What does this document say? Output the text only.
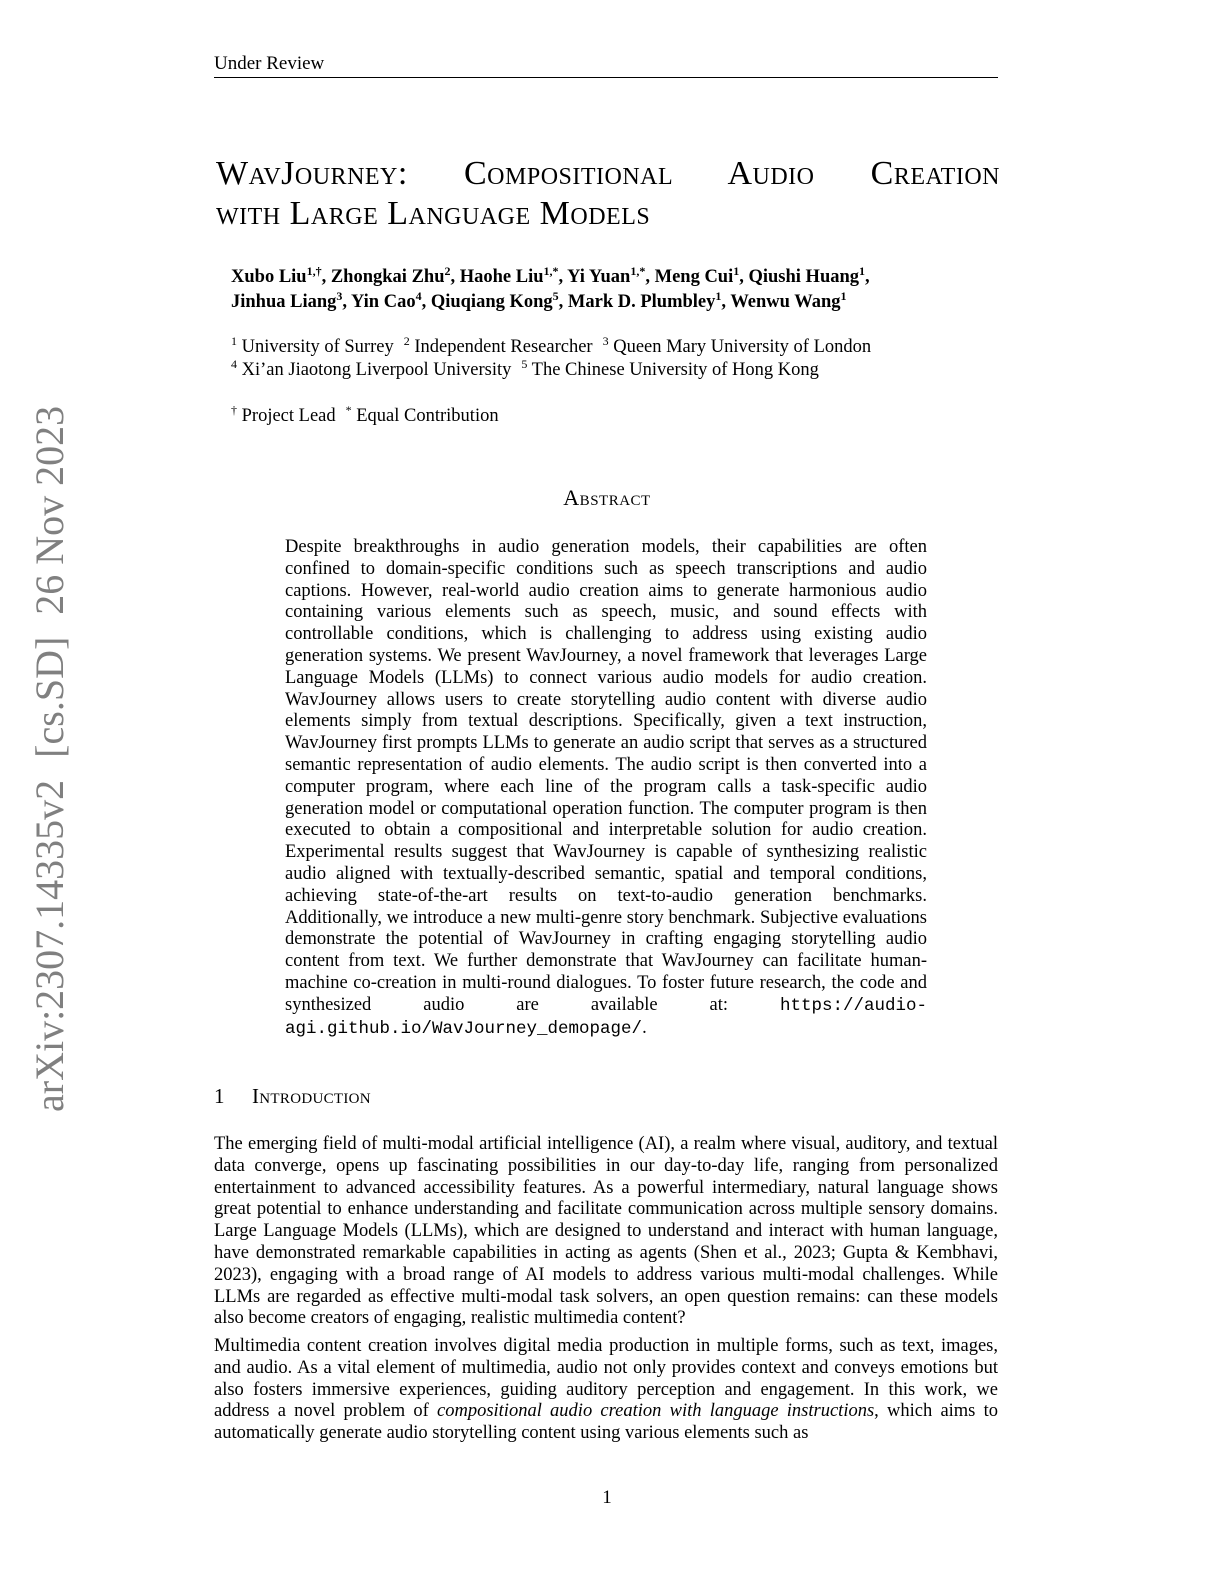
Under Review
arXiv:2307.14335v2[cs.SD]26 Nov 2023
WavJourney: Compositional Audio Creation
with Large Language Models
Xubo Liu$^{1,\dagger}$, Zhongkai Zhu$^2$, Haohe Liu$^{1,*}$, Yi Yuan$^{1,*}$, Meng Cui$^1$, Qiushi Huang$^1$,
Jinhua Liang$^3$, Yin Cao$^4$, Qiuqiang Kong$^5$, Mark D. Plumbley$^1$, Wenwu Wang$^1$
$^1$ University of Surrey $^2$ Independent Researcher $^3$ Queen Mary University of London
$^4$ Xi’an Jiaotong Liverpool University $^5$ The Chinese University of Hong Kong
† Project Lead * Equal Contribution
Abstract
Despite breakthroughs in audio generation models, their capabilities are often confined to domain-specific conditions such as speech transcriptions and audio captions. However, real-world audio creation aims to generate harmonious audio containing various elements such as speech, music, and sound effects with controllable conditions, which is challenging to address using existing audio generation systems. We present WavJourney, a novel framework that leverages Large Language Models (LLMs) to connect various audio models for audio creation. WavJourney allows users to create storytelling audio content with diverse audio elements simply from textual descriptions. Specifically, given a text instruction, WavJourney first prompts LLMs to generate an audio script that serves as a structured semantic representation of audio elements. The audio script is then converted into a computer program, where each line of the program calls a task-specific audio generation model or computational operation function. The computer program is then executed to obtain a compositional and interpretable solution for audio creation. Experimental results suggest that WavJourney is capable of synthesizing realistic audio aligned with textually-described semantic, spatial and temporal conditions, achieving state-of-the-art results on text-to-audio generation benchmarks. Additionally, we introduce a new multi-genre story benchmark. Subjective evaluations demonstrate the potential of WavJourney in crafting engaging storytelling audio content from text. We further demonstrate that WavJourney can facilitate human-machine co-creation in multi-round dialogues. To foster future research, the code and synthesized audio are available at: https://audio-agi.github.io/WavJourney_demopage/.
1 Introduction
The emerging field of multi-modal artificial intelligence (AI), a realm where visual, auditory, and textual data converge, opens up fascinating possibilities in our day-to-day life, ranging from personalized entertainment to advanced accessibility features. As a powerful intermediary, natural language shows great potential to enhance understanding and facilitate communication across multiple sensory domains. Large Language Models (LLMs), which are designed to understand and interact with human language, have demonstrated remarkable capabilities in acting as agents (Shen et al., 2023; Gupta & Kembhavi, 2023), engaging with a broad range of AI models to address various multi-modal challenges. While LLMs are regarded as effective multi-modal task solvers, an open question remains: can these models also become creators of engaging, realistic multimedia content?
Multimedia content creation involves digital media production in multiple forms, such as text, images, and audio. As a vital element of multimedia, audio not only provides context and conveys emotions but also fosters immersive experiences, guiding auditory perception and engagement. In this work, we address a novel problem of compositional audio creation with language instructions, which aims to automatically generate audio storytelling content using various elements such as
1
